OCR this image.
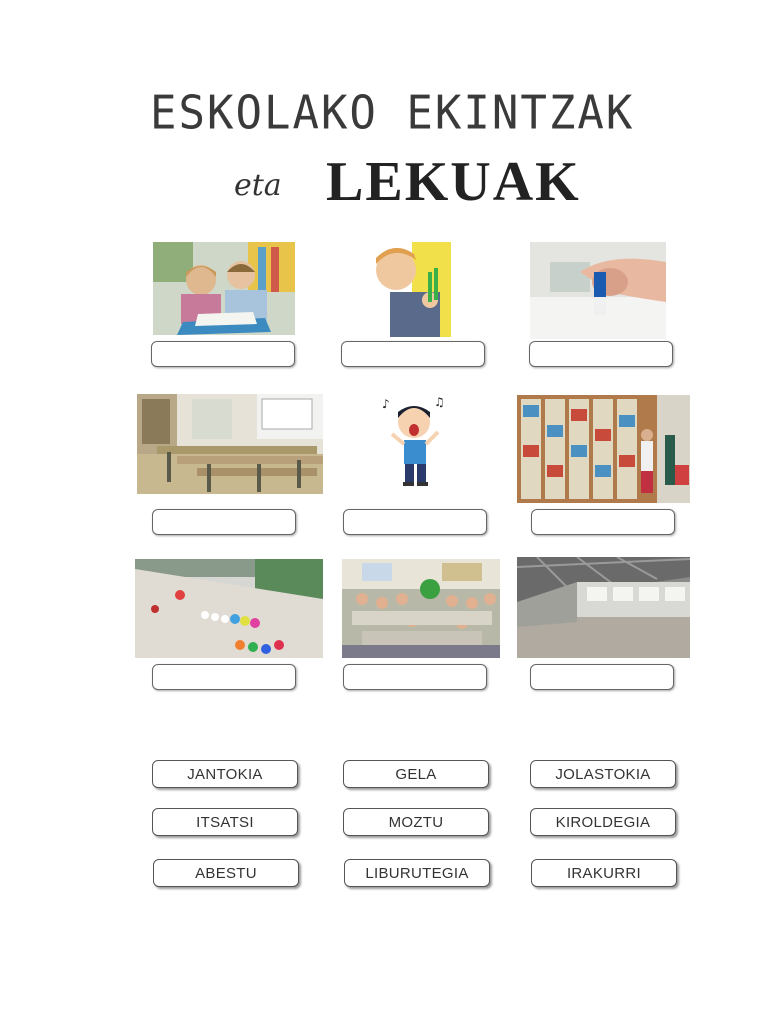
ESKOLAKO EKINTZAK
eta LEKUAK
♪	♫
JANTOKIA	GELA	JOLASTOKIA
ITSATSI	MOZTU	KIROLDEGIA
ABESTU	LIBURUTEGIA	IRAKURRI
